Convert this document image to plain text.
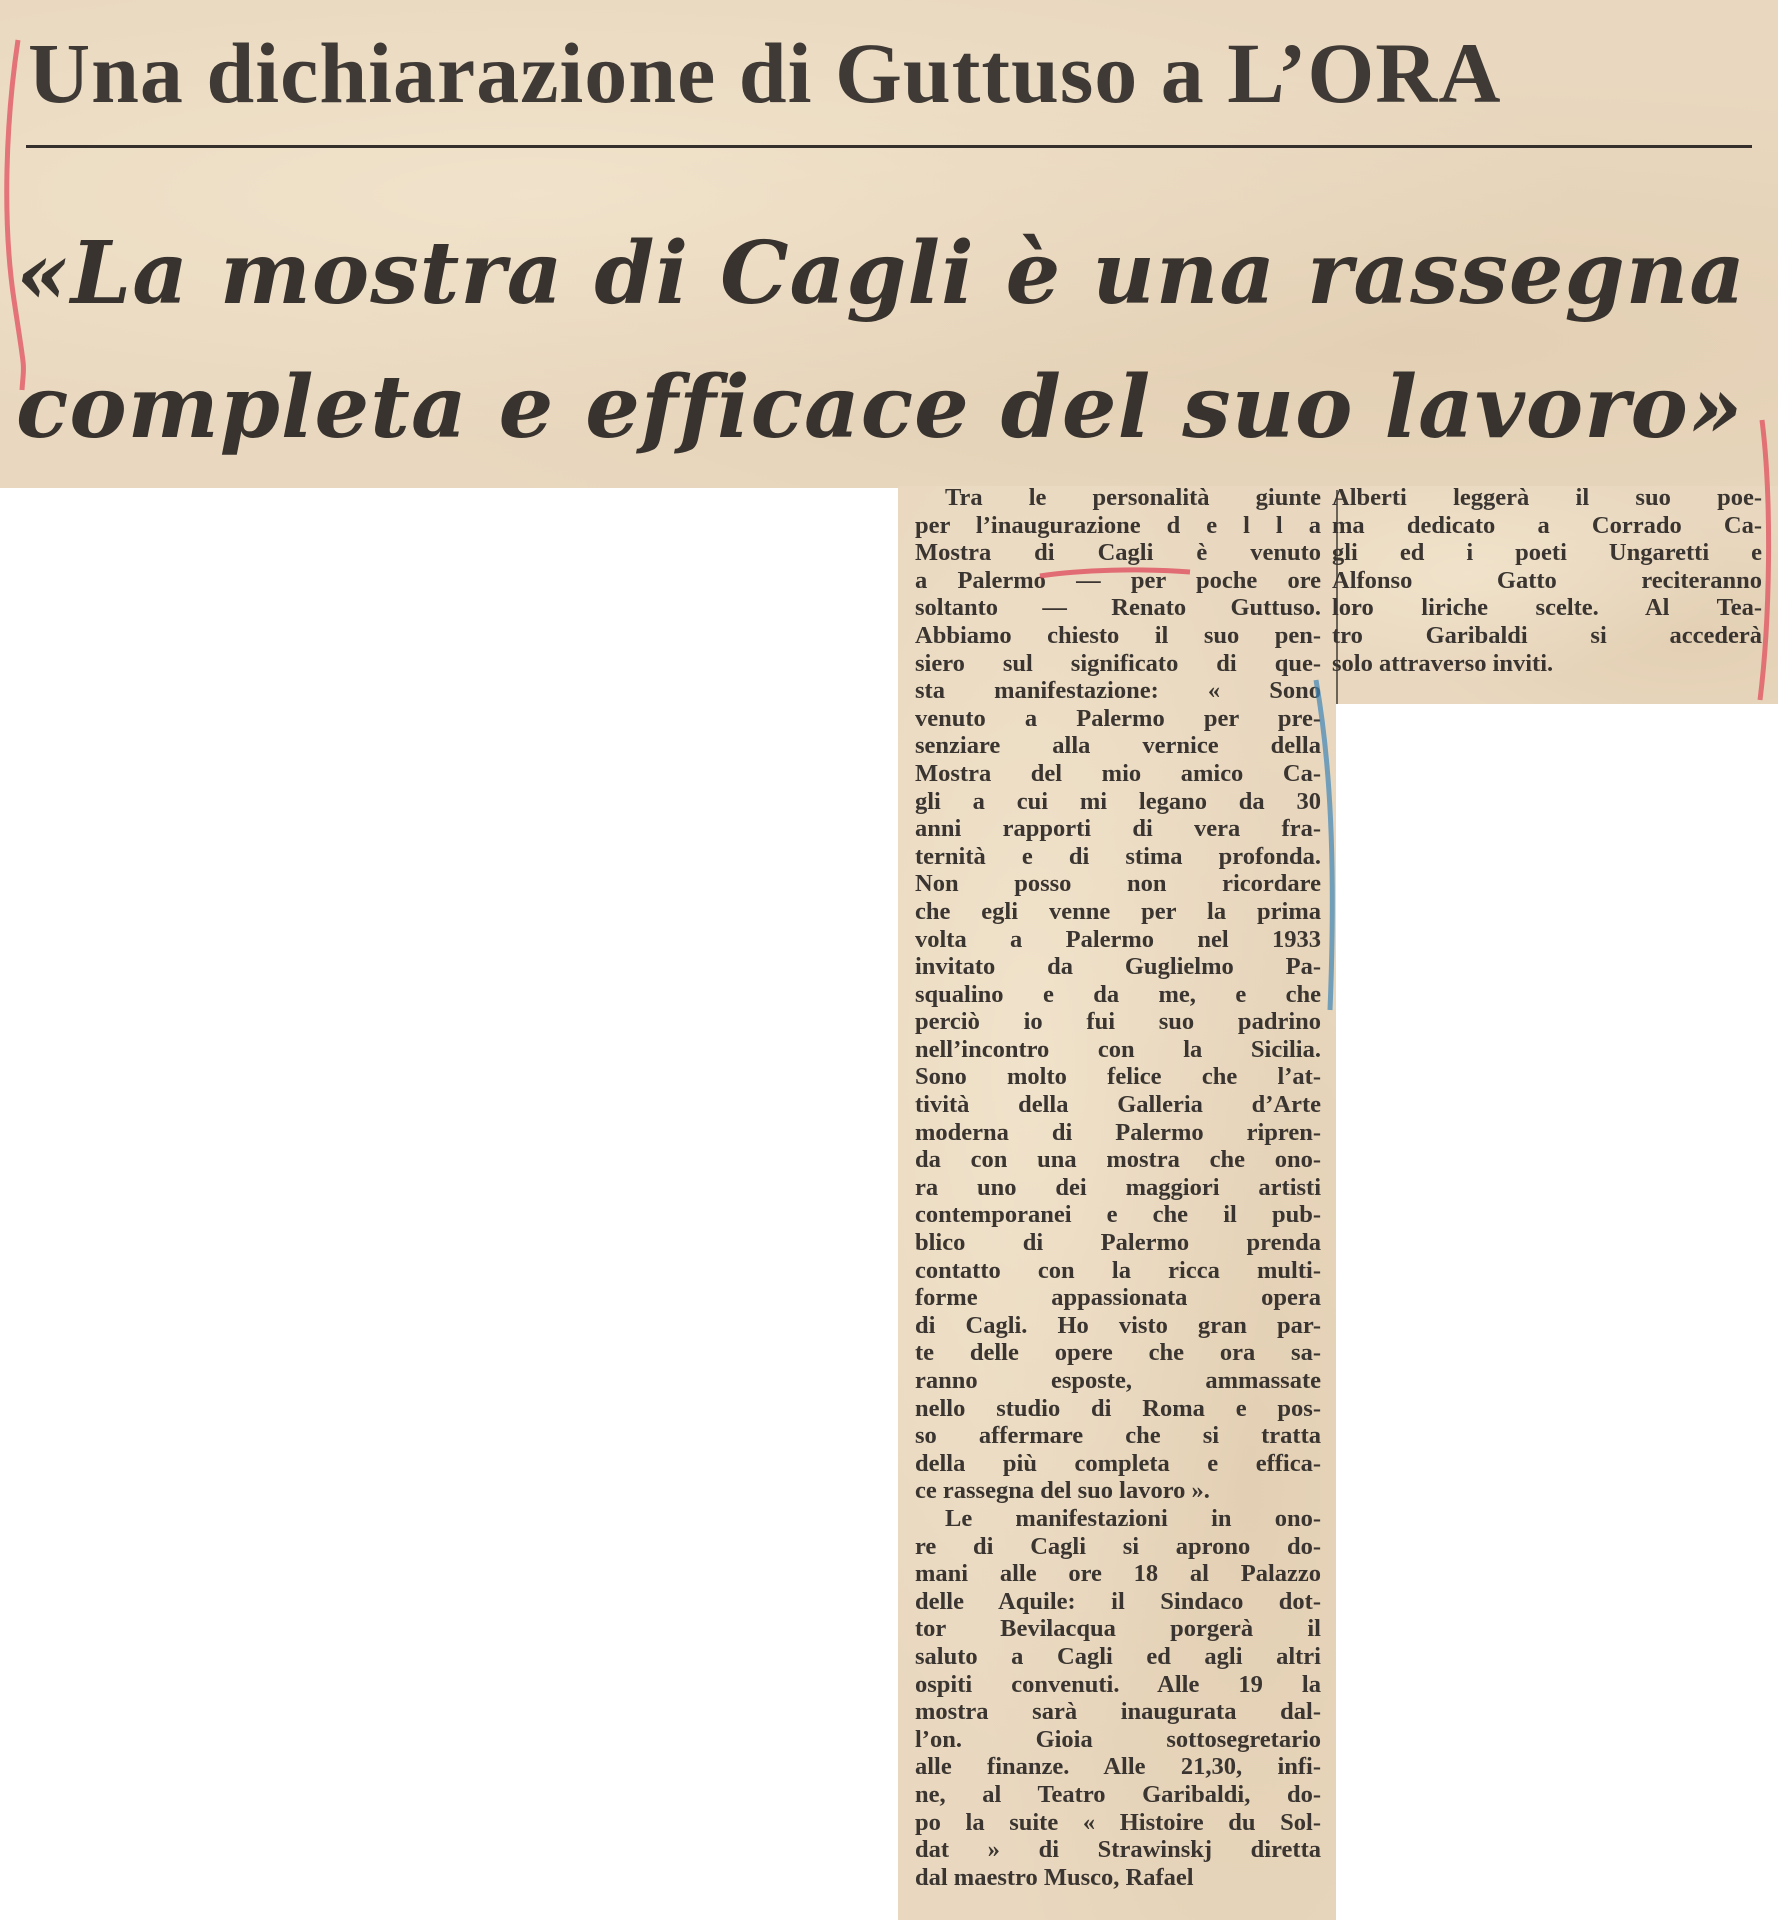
Una dichiarazione di Guttuso a L’ORA
«La mostra di Cagli è una rassegna
completa e efficace del suo lavoro»
Tra le personalità giunte
per l’inaugurazione d e l l a
Mostra di Cagli è venuto
a Palermo — per poche ore
soltanto — Renato Guttuso.
Abbiamo chiesto il suo pen-
siero sul significato di que-
sta manifestazione: « Sono
venuto a Palermo per pre-
senziare alla vernice della
Mostra del mio amico Ca-
gli a cui mi legano da 30
anni rapporti di vera fra-
ternità e di stima profonda.
Non posso non ricordare
che egli venne per la prima
volta a Palermo nel 1933
invitato da Guglielmo Pa-
squalino e da me, e che
perciò io fui suo padrino
nell’incontro con la Sicilia.
Sono molto felice che l’at-
tività della Galleria d’Arte
moderna di Palermo ripren-
da con una mostra che ono-
ra uno dei maggiori artisti
contemporanei e che il pub-
blico di Palermo prenda
contatto con la ricca multi-
forme appassionata opera
di Cagli. Ho visto gran par-
te delle opere che ora sa-
ranno esposte, ammassate
nello studio di Roma e pos-
so affermare che si tratta
della più completa e effica-
ce rassegna del suo lavoro ».
Le manifestazioni in ono-
re di Cagli si aprono do-
mani alle ore 18 al Palazzo
delle Aquile: il Sindaco dot-
tor Bevilacqua porgerà il
saluto a Cagli ed agli altri
ospiti convenuti. Alle 19 la
mostra sarà inaugurata dal-
l’on. Gioia sottosegretario
alle finanze. Alle 21,30, infi-
ne, al Teatro Garibaldi, do-
po la suite « Histoire du Sol-
dat » di Strawinskj diretta
dal maestro Musco, Rafael
Alberti leggerà il suo poe-
ma dedicato a Corrado Ca-
gli ed i poeti Ungaretti e
Alfonso Gatto reciteranno
loro liriche scelte. Al Tea-
tro Garibaldi si accederà
solo attraverso inviti.
